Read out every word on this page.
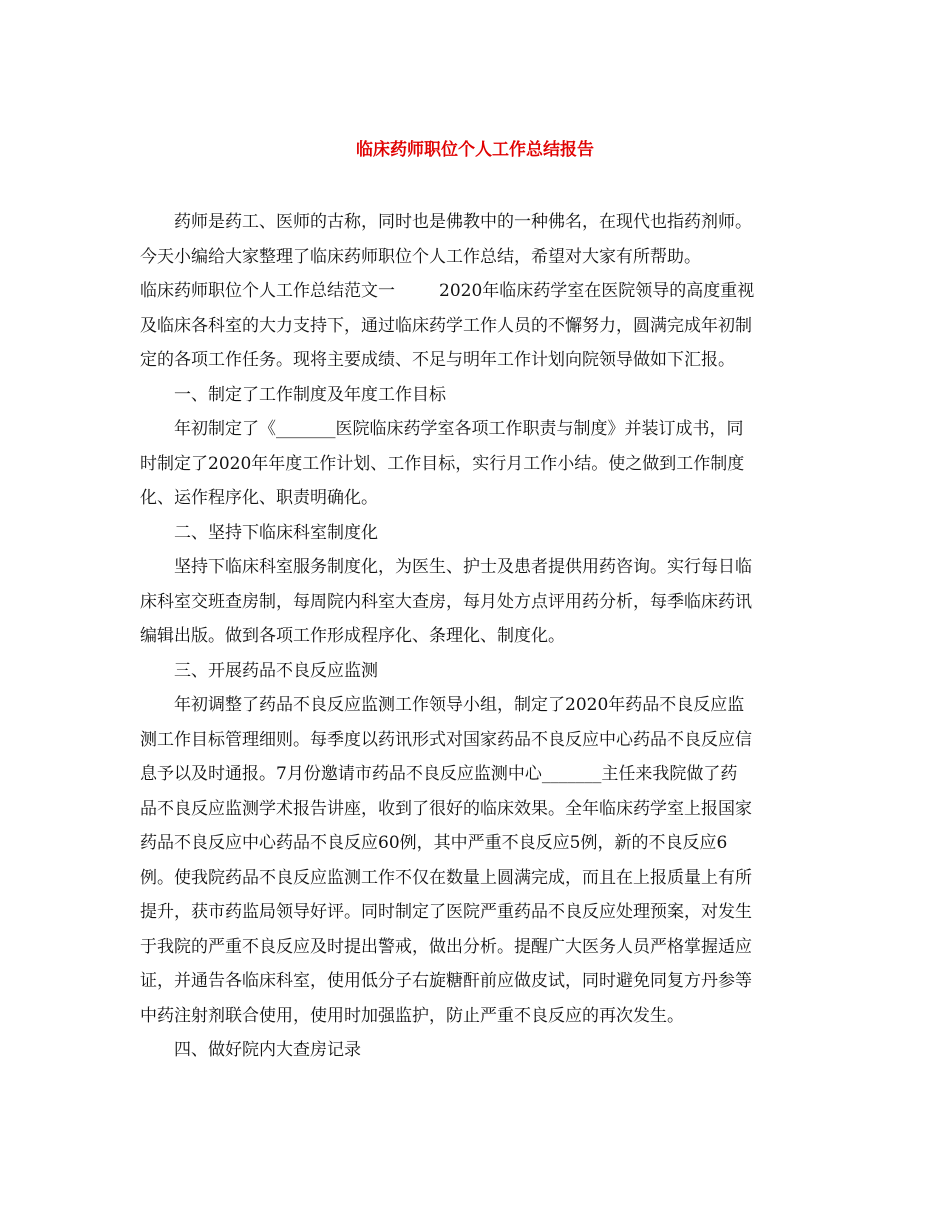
临床药师职位个人工作总结报告

药师是药工、医师的古称，同时也是佛教中的一种佛名，在现代也指药剂师。

今天小编给大家整理了临床药师职位个人工作总结，希望对大家有所帮助。

临床药师职位个人工作总结范文一	2020年临床药学室在医院领导的高度重视

及临床各科室的大力支持下，通过临床药学工作人员的不懈努力，圆满完成年初制

定的各项工作任务。现将主要成绩、不足与明年工作计划向院领导做如下汇报。

一、制定了工作制度及年度工作目标

年初制定了《_______医院临床药学室各项工作职责与制度》并装订成书，同

时制定了2020年年度工作计划、工作目标，实行月工作小结。使之做到工作制度

化、运作程序化、职责明确化。

二、坚持下临床科室制度化

坚持下临床科室服务制度化，为医生、护士及患者提供用药咨询。实行每日临

床科室交班查房制，每周院内科室大查房，每月处方点评用药分析，每季临床药讯

编辑出版。做到各项工作形成程序化、条理化、制度化。

三、开展药品不良反应监测

年初调整了药品不良反应监测工作领导小组，制定了2020年药品不良反应监

测工作目标管理细则。每季度以药讯形式对国家药品不良反应中心药品不良反应信

息予以及时通报。7月份邀请市药品不良反应监测中心_______主任来我院做了药

品不良反应监测学术报告讲座，收到了很好的临床效果。全年临床药学室上报国家

药品不良反应中心药品不良反应60例，其中严重不良反应5例，新的不良反应6

例。使我院药品不良反应监测工作不仅在数量上圆满完成，而且在上报质量上有所

提升，获市药监局领导好评。同时制定了医院严重药品不良反应处理预案，对发生

于我院的严重不良反应及时提出警戒，做出分析。提醒广大医务人员严格掌握适应

证，并通告各临床科室，使用低分子右旋糖酐前应做皮试，同时避免同复方丹参等

中药注射剂联合使用，使用时加强监护，防止严重不良反应的再次发生。

四、做好院内大查房记录
